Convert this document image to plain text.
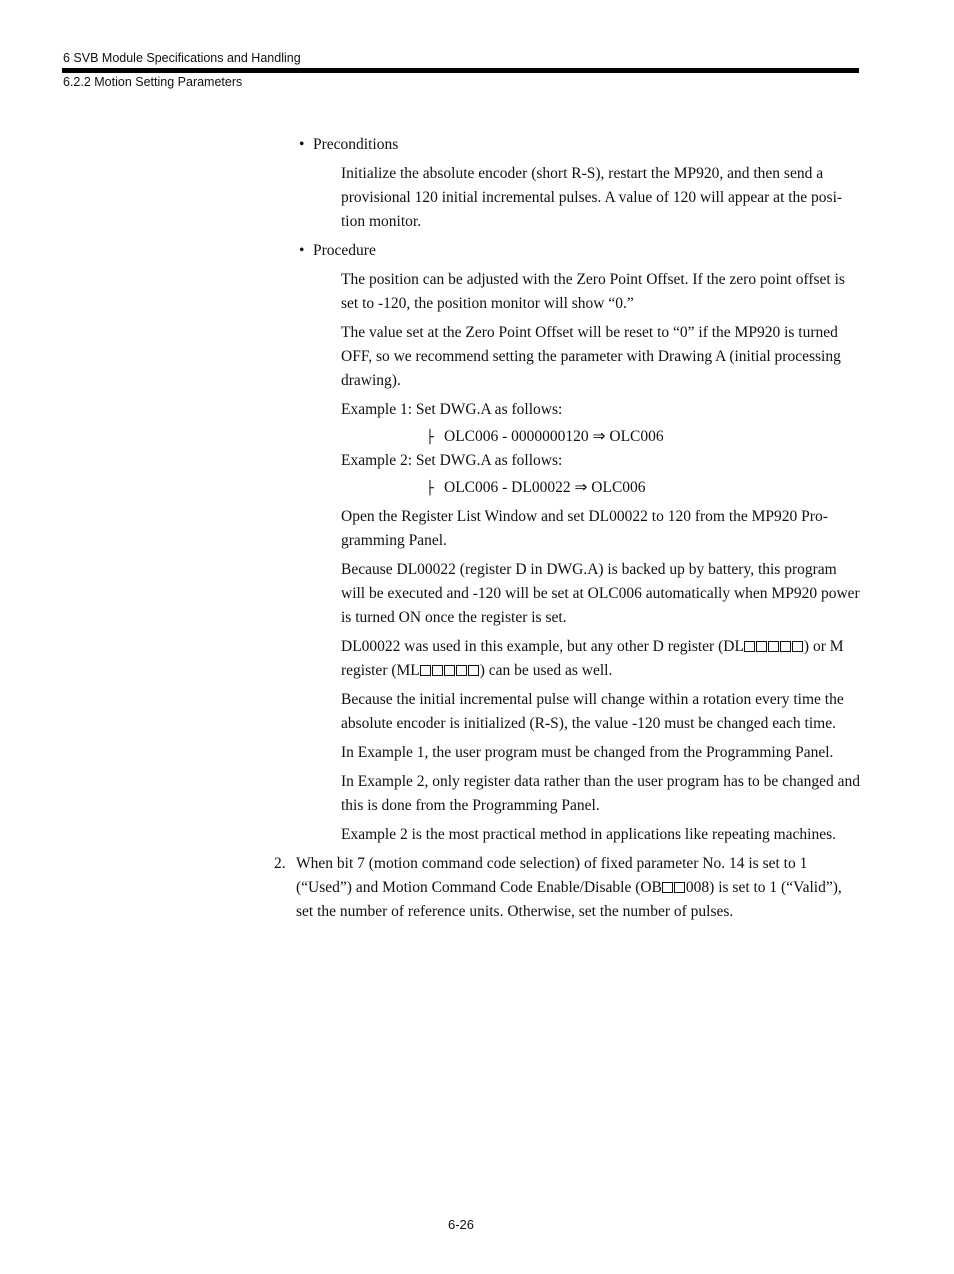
6 SVB Module Specifications and Handling
6.2.2 Motion Setting Parameters
• Preconditions
Initialize the absolute encoder (short R-S), restart the MP920, and then send a provisional 120 initial incremental pulses. A value of 120 will appear at the posi-tion monitor.
• Procedure
The position can be adjusted with the Zero Point Offset. If the zero point offset is set to -120, the position monitor will show “0.”
The value set at the Zero Point Offset will be reset to “0” if the MP920 is turned OFF, so we recommend setting the parameter with Drawing A (initial processing drawing).
Example 1: Set DWG.A as follows:
├ OLC006 - 0000000120 ⇒ OLC006
Example 2: Set DWG.A as follows:
├ OLC006 - DL00022 ⇒ OLC006
Open the Register List Window and set DL00022 to 120 from the MP920 Pro-gramming Panel.
Because DL00022 (register D in DWG.A) is backed up by battery, this program will be executed and -120 will be set at OLC006 automatically when MP920 power is turned ON once the register is set.
DL00022 was used in this example, but any other D register (DL	) or M register (ML	) can be used as well.
Because the initial incremental pulse will change within a rotation every time the absolute encoder is initialized (R-S), the value -120 must be changed each time.
In Example 1, the user program must be changed from the Programming Panel.
In Example 2, only register data rather than the user program has to be changed and this is done from the Programming Panel.
Example 2 is the most practical method in applications like repeating machines.
2. When bit 7 (motion command code selection) of fixed parameter No. 14 is set to 1 (“Used”) and Motion Command Code Enable/Disable (OB 008) is set to 1 (“Valid”), set the number of reference units. Otherwise, set the number of pulses.
6-26
